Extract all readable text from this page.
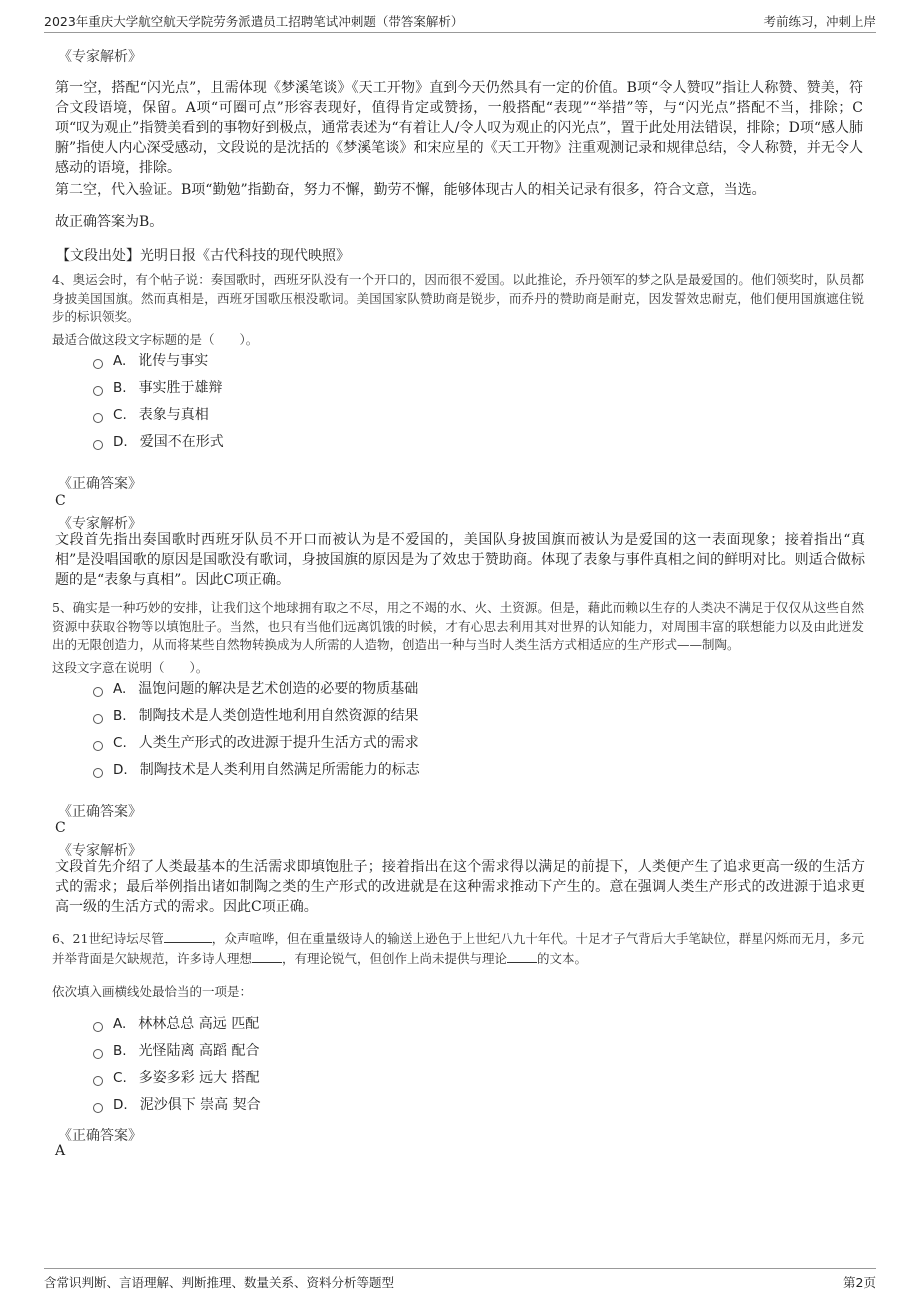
2023年重庆大学航空航天学院劳务派遣员工招聘笔试冲刺题（带答案解析）	考前练习，冲刺上岸
《专家解析》
第一空，搭配“闪光点”，且需体现《梦溪笔谈》《天工开物》直到今天仍然具有一定的价值。B项“令人赞叹”指让人称赞、赞美，符合文段语境，保留。A项“可圈可点”形容表现好，值得肯定或赞扬，一般搭配“表现”“举措”等，与“闪光点”搭配不当，排除；C项“叹为观止”指赞美看到的事物好到极点，通常表述为“有着让人/令人叹为观止的闪光点”，置于此处用法错误，排除；D项“感人肺腑”指使人内心深受感动，文段说的是沈括的《梦溪笔谈》和宋应星的《天工开物》注重观测记录和规律总结，令人称赞，并无令人感动的语境，排除。
第二空，代入验证。B项“勤勉”指勤奋，努力不懈，勤劳不懈，能够体现古人的相关记录有很多，符合文意，当选。
故正确答案为B。
【文段出处】光明日报《古代科技的现代映照》
4、奥运会时，有个帖子说：奏国歌时，西班牙队没有一个开口的，因而很不爱国。以此推论，乔丹领军的梦之队是最爱国的。他们领奖时，队员都身披美国国旗。然而真相是，西班牙国歌压根没歌词。美国国家队赞助商是锐步，而乔丹的赞助商是耐克，因发誓效忠耐克，他们便用国旗遮住锐步的标识领奖。
最适合做这段文字标题的是（　　）。
A .	讹传与事实
B .	事实胜于雄辩
C .	表象与真相
D .	爱国不在形式
《正确答案》
C
《专家解析》
文段首先指出奏国歌时西班牙队员不开口而被认为是不爱国的，美国队身披国旗而被认为是爱国的这一表面现象；接着指出“真相”是没唱国歌的原因是国歌没有歌词，身披国旗的原因是为了效忠于赞助商。体现了表象与事件真相之间的鲜明对比。则适合做标题的是“表象与真相”。因此C项正确。
5、确实是一种巧妙的安排，让我们这个地球拥有取之不尽，用之不竭的水、火、土资源。但是，藉此而赖以生存的人类决不满足于仅仅从这些自然资源中获取谷物等以填饱肚子。当然，也只有当他们远离饥饿的时候，才有心思去利用其对世界的认知能力，对周围丰富的联想能力以及由此迸发出的无限创造力，从而将某些自然物转换成为人所需的人造物，创造出一种与当时人类生活方式相适应的生产形式——制陶。
这段文字意在说明（　　）。
A .	温饱问题的解决是艺术创造的必要的物质基础
B .	制陶技术是人类创造性地利用自然资源的结果
C .	人类生产形式的改进源于提升生活方式的需求
D .	制陶技术是人类利用自然满足所需能力的标志
《正确答案》
C
《专家解析》
文段首先介绍了人类最基本的生活需求即填饱肚子；接着指出在这个需求得以满足的前提下，人类便产生了追求更高一级的生活方式的需求；最后举例指出诸如制陶之类的生产形式的改进就是在这种需求推动下产生的。意在强调人类生产形式的改进源于追求更高一级的生活方式的需求。因此C项正确。
6、21世纪诗坛尽管	，众声喧哗，但在重量级诗人的输送上逊色于上世纪八九十年代。十足才子气背后大手笔缺位，群星闪烁而无月，多元并举背面是欠缺规范，许多诗人理想 ，有理论锐气，但创作上尚未提供与理论 的文本。
依次填入画横线处最恰当的一项是：
A .	林林总总 高远 匹配
B .	光怪陆离 高蹈 配合
C .	多姿多彩 远大 搭配
D .	泥沙俱下 崇高 契合
《正确答案》
A
含常识判断、言语理解、判断推理、数量关系、资料分析等题型	第2页
